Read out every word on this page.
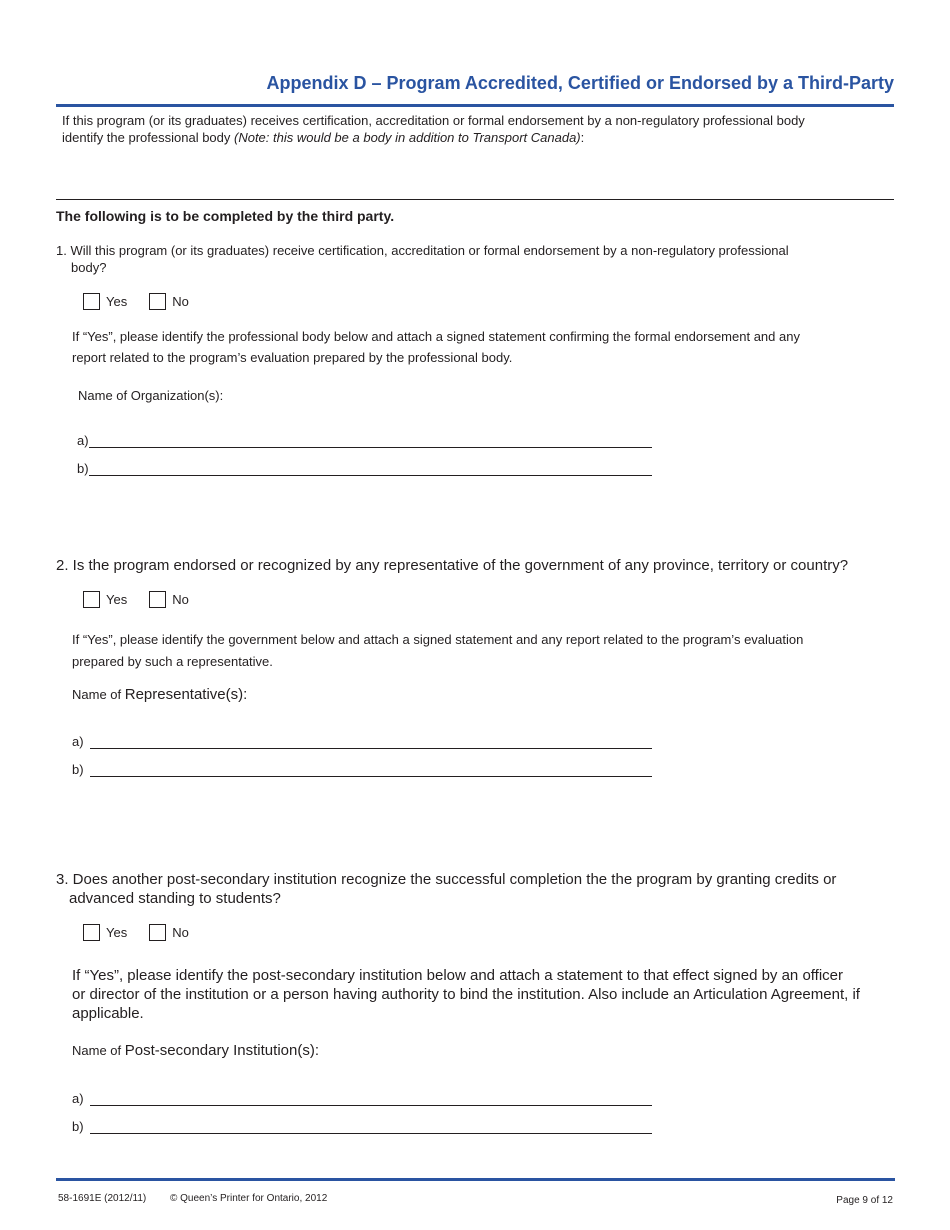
Appendix D – Program Accredited, Certified or Endorsed by a Third-Party
If this program (or its graduates) receives certification, accreditation or formal endorsement by a non-regulatory professional body
identify the professional body (Note: this would be a body in addition to Transport Canada):
The following is to be completed by the third party.
1. Will this program (or its graduates) receive certification, accreditation or formal endorsement by a non-regulatory professional
body?
Yes	No
If “Yes”, please identify the professional body below and attach a signed statement confirming the formal endorsement and any
report related to the program’s evaluation prepared by the professional body.
Name of Organization(s):
a)
b)
2. Is the program endorsed or recognized by any representative of the government of any province, territory or country?
Yes	No
If “Yes”, please identify the government below and attach a signed statement and any report related to the program’s evaluation
prepared by such a representative.
Name of Representative(s):
a)
b)
3. Does another post-secondary institution recognize the successful completion the the program by granting credits or
advanced standing to students?
Yes	No
If “Yes”, please identify the post-secondary institution below and attach a statement to that effect signed by an officer
or director of the institution or a person having authority to bind the institution. Also include an Articulation Agreement, if
applicable.
Name of Post-secondary Institution(s):
a)
b)
58-1691E (2012/11) © Queen’s Printer for Ontario, 2012	Page 9 of 12
